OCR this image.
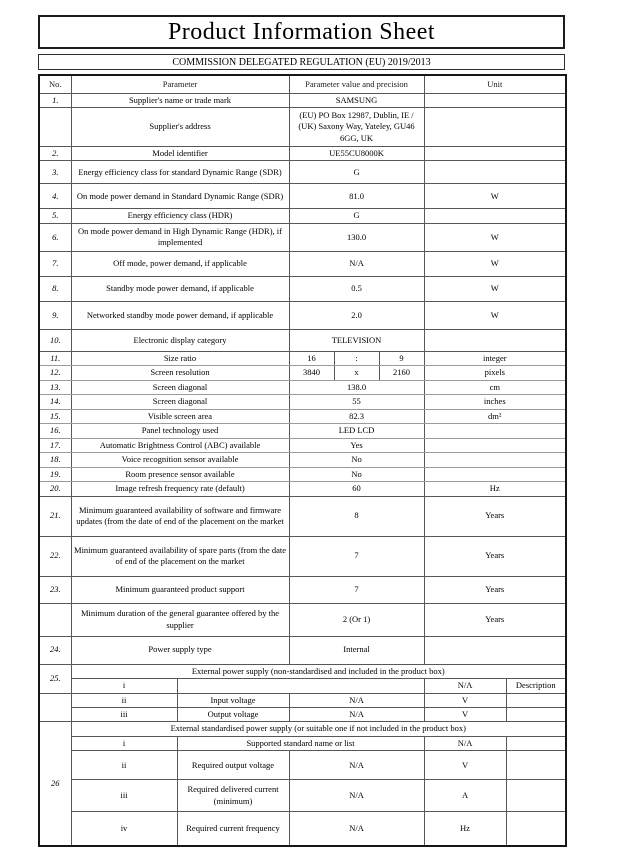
Product Information Sheet
COMMISSION DELEGATED REGULATION (EU) 2019/2013
No.	Parameter		Parameter value and precision			Unit	
1.	Supplier's name or trade mark		SAMSUNG				
	Supplier's address		(EU) PO Box 12987, Dublin, IE / (UK) Saxony Way, Yateley, GU46 6GG, UK				
2.	Model identifier		UE55CU8000K				
3.	Energy efficiency class for standard Dynamic Range (SDR)		G				
4.	On mode power demand in Standard Dynamic Range (SDR)		81.0			W	
5.	Energy efficiency class (HDR)		G				
6.	On mode power demand in High Dynamic Range (HDR), if implemented		130.0			W	
7.	Off mode, power demand, if applicable		N/A			W	
8.	Standby mode power demand, if applicable		0.5			W	
9.	Networked standby mode power demand, if applicable		2.0			W	
10.	Electronic display category		TELEVISION				
11.	Size ratio		16	:	9	integer	
12.	Screen resolution		3840	x	2160	pixels	
13.	Screen diagonal		138.0			cm	
14.	Screen diagonal		55			inches	
15.	Visible screen area		82.3			dm²	
16.	Panel technology used		LED LCD				
17.	Automatic Brightness Control (ABC) available		Yes				
18.	Voice recognition sensor available		No				
19.	Room presence sensor available		No				
20.	Image refresh frequency rate (default)		60			Hz	
21.	Minimum guaranteed availability of software and firmware updates (from the date of end of the placement on the market		8			Years	
22.	Minimum guaranteed availability of spare parts (from the date of end of the placement on the market		7			Years	
23.	Minimum guaranteed product support		7			Years	
	Minimum duration of the general guarantee offered by the supplier		2 (Or 1)			Years	
24.	Power supply type		Internal				
25.	External power supply (non-standardised and included in the product box)						
	i					N/A	Description
	ii	Input voltage	N/A			V	
	iii	Output voltage	N/A			V	
26	External standardised power supply (or suitable one if not included in the product box)						
	i	Supported standard name or list				N/A	
	ii	Required output voltage	N/A			V	
	iii	Required delivered current (minimum)	N/A			A	
	iv	Required current frequency	N/A			Hz	
